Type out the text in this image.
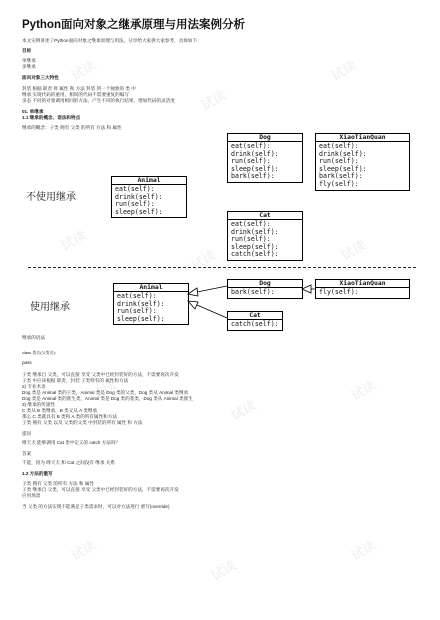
Python面向对象之继承原理与用法案例分析
本文实例讲述了Python面向对象之继承原理与用法。分享给大家供大家参考，具体如下：
目标
单继承
多继承
面向对象三大特性
封装 根据 职责 将 属性 和 方法 封装 到一个抽象的 类 中
继承 实现代码的重用，相同的代码不需要重复的编写
多态 不同的对象调用相同的方法，产生不同的执行结果，增加代码的灵活度
01. 单继承
1.1 继承的概念、语法和特点
继承的概念：子类 拥有 父类 的所有 方法 和 属性
不使用继承
Dog
eat(self):
drink(self):
run(self):
sleep(self):
bark(self):
XiaoTianQuan
eat(self):
drink(self):
run(self):
sleep(self):
bark(self):
fly(self):
Animal
eat(self):
drink(self):
run(self):
sleep(self):	Cat
eat(self):
drink(self):
run(self):
sleep(self):
catch(self):
使用继承
Animal
eat(self):
drink(self):
run(self):
sleep(self):
Dog
bark(self):
XiaoTianQuan
fly(self):
Cat
catch(self):
继承的语法
class 类名(父类名):
pass
子类 继承自 父类，可以直接 享受 父类中已经封装好的方法，不需要再次开发
子类 中应该根据 职责，封装 子类特有的 属性和方法
2) 专业术语
Dog 类是 Animal 类的子类，Animal 类是 Dog 类的父类，Dog 类从 Animal 类继承
Dog 类是 Animal 类的派生类，Animal 类是 Dog 类的基类，Dog 类从 Animal 类派生
3) 继承的传递性
C 类从 B 类继承，B 类又从 A 类继承
那么 C 类就具有 B 类和 A 类的所有属性和方法
子类 拥有 父类 以及 父类的父类 中封装的所有 属性 和 方法
提问
哮天犬 能够调用 Cat 类中定义的 catch 方法吗？
答案
不能，因为 哮天犬 和 Cat 之间没有 继承 关系
1.2 方法的重写
子类 拥有 父类 的所有 方法 和 属性
子类 继承自 父类，可以直接 享受 父类中已经封装好的方法，不需要再次开发
应用场景
当 父类 的方法实现不能满足子类需求时，可以对方法进行 重写(override)
试读
试读
试读
试读
试读	试读
试读
试读
试读
试读
试读
试读
